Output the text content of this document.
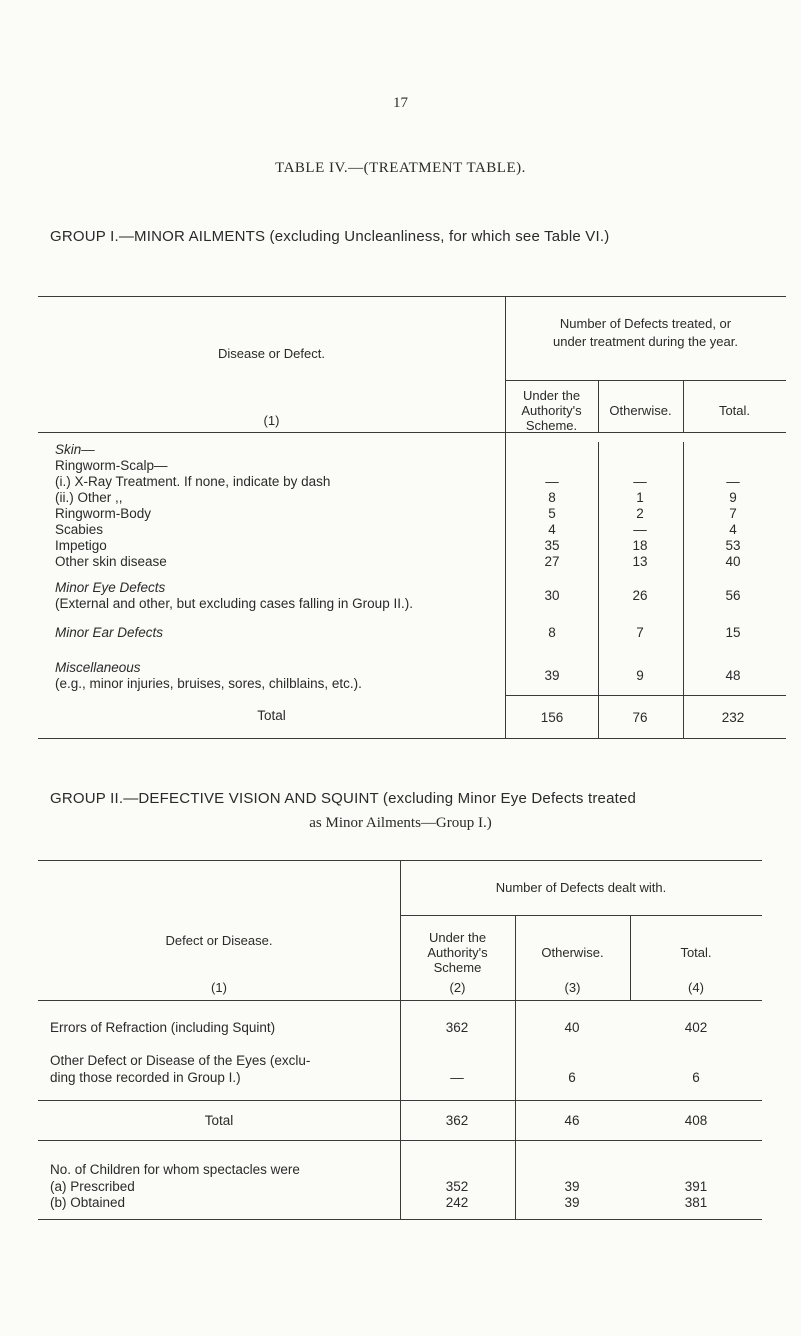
17
TABLE IV.—(TREATMENT TABLE).
GROUP I.—MINOR AILMENTS (excluding Uncleanliness, for which see Table VI.)
Disease or Defect.
(1)
Number of Defects treated, or
under treatment during the year.
Under the
Authority's
Scheme.
Otherwise.	Total.
Skin—
Ringworm-Scalp—
(i.) X-Ray Treatment. If none, indicate by dash	—	—	—
(ii.) Other ,,	8	1	9
Ringworm-Body	5	2	7
Scabies	4	—	4
Impetigo	35	18	53
Other skin disease	27	13	40
Minor Eye Defects
(External and other, but excluding cases falling in Group II.).
30	26	56
Minor Ear Defects	8	7	15
Miscellaneous
(e.g., minor injuries, bruises, sores, chilblains, etc.).
39	9	48
Total	156	76	232
GROUP II.—DEFECTIVE VISION AND SQUINT (excluding Minor Eye Defects treated
as Minor Ailments—Group I.)
Number of Defects dealt with.
Defect or Disease.
(1)
Under the
Authority's
Scheme
(2)
Otherwise.
(3)
Total.
(4)
Errors of Refraction (including Squint)	362	40	402
Other Defect or Disease of the Eyes (exclu-
ding those recorded in Group I.)	—	6	6
Total	362	46	408
No. of Children for whom spectacles were
(a) Prescribed	352	39	391
(b) Obtained	242	39	381
